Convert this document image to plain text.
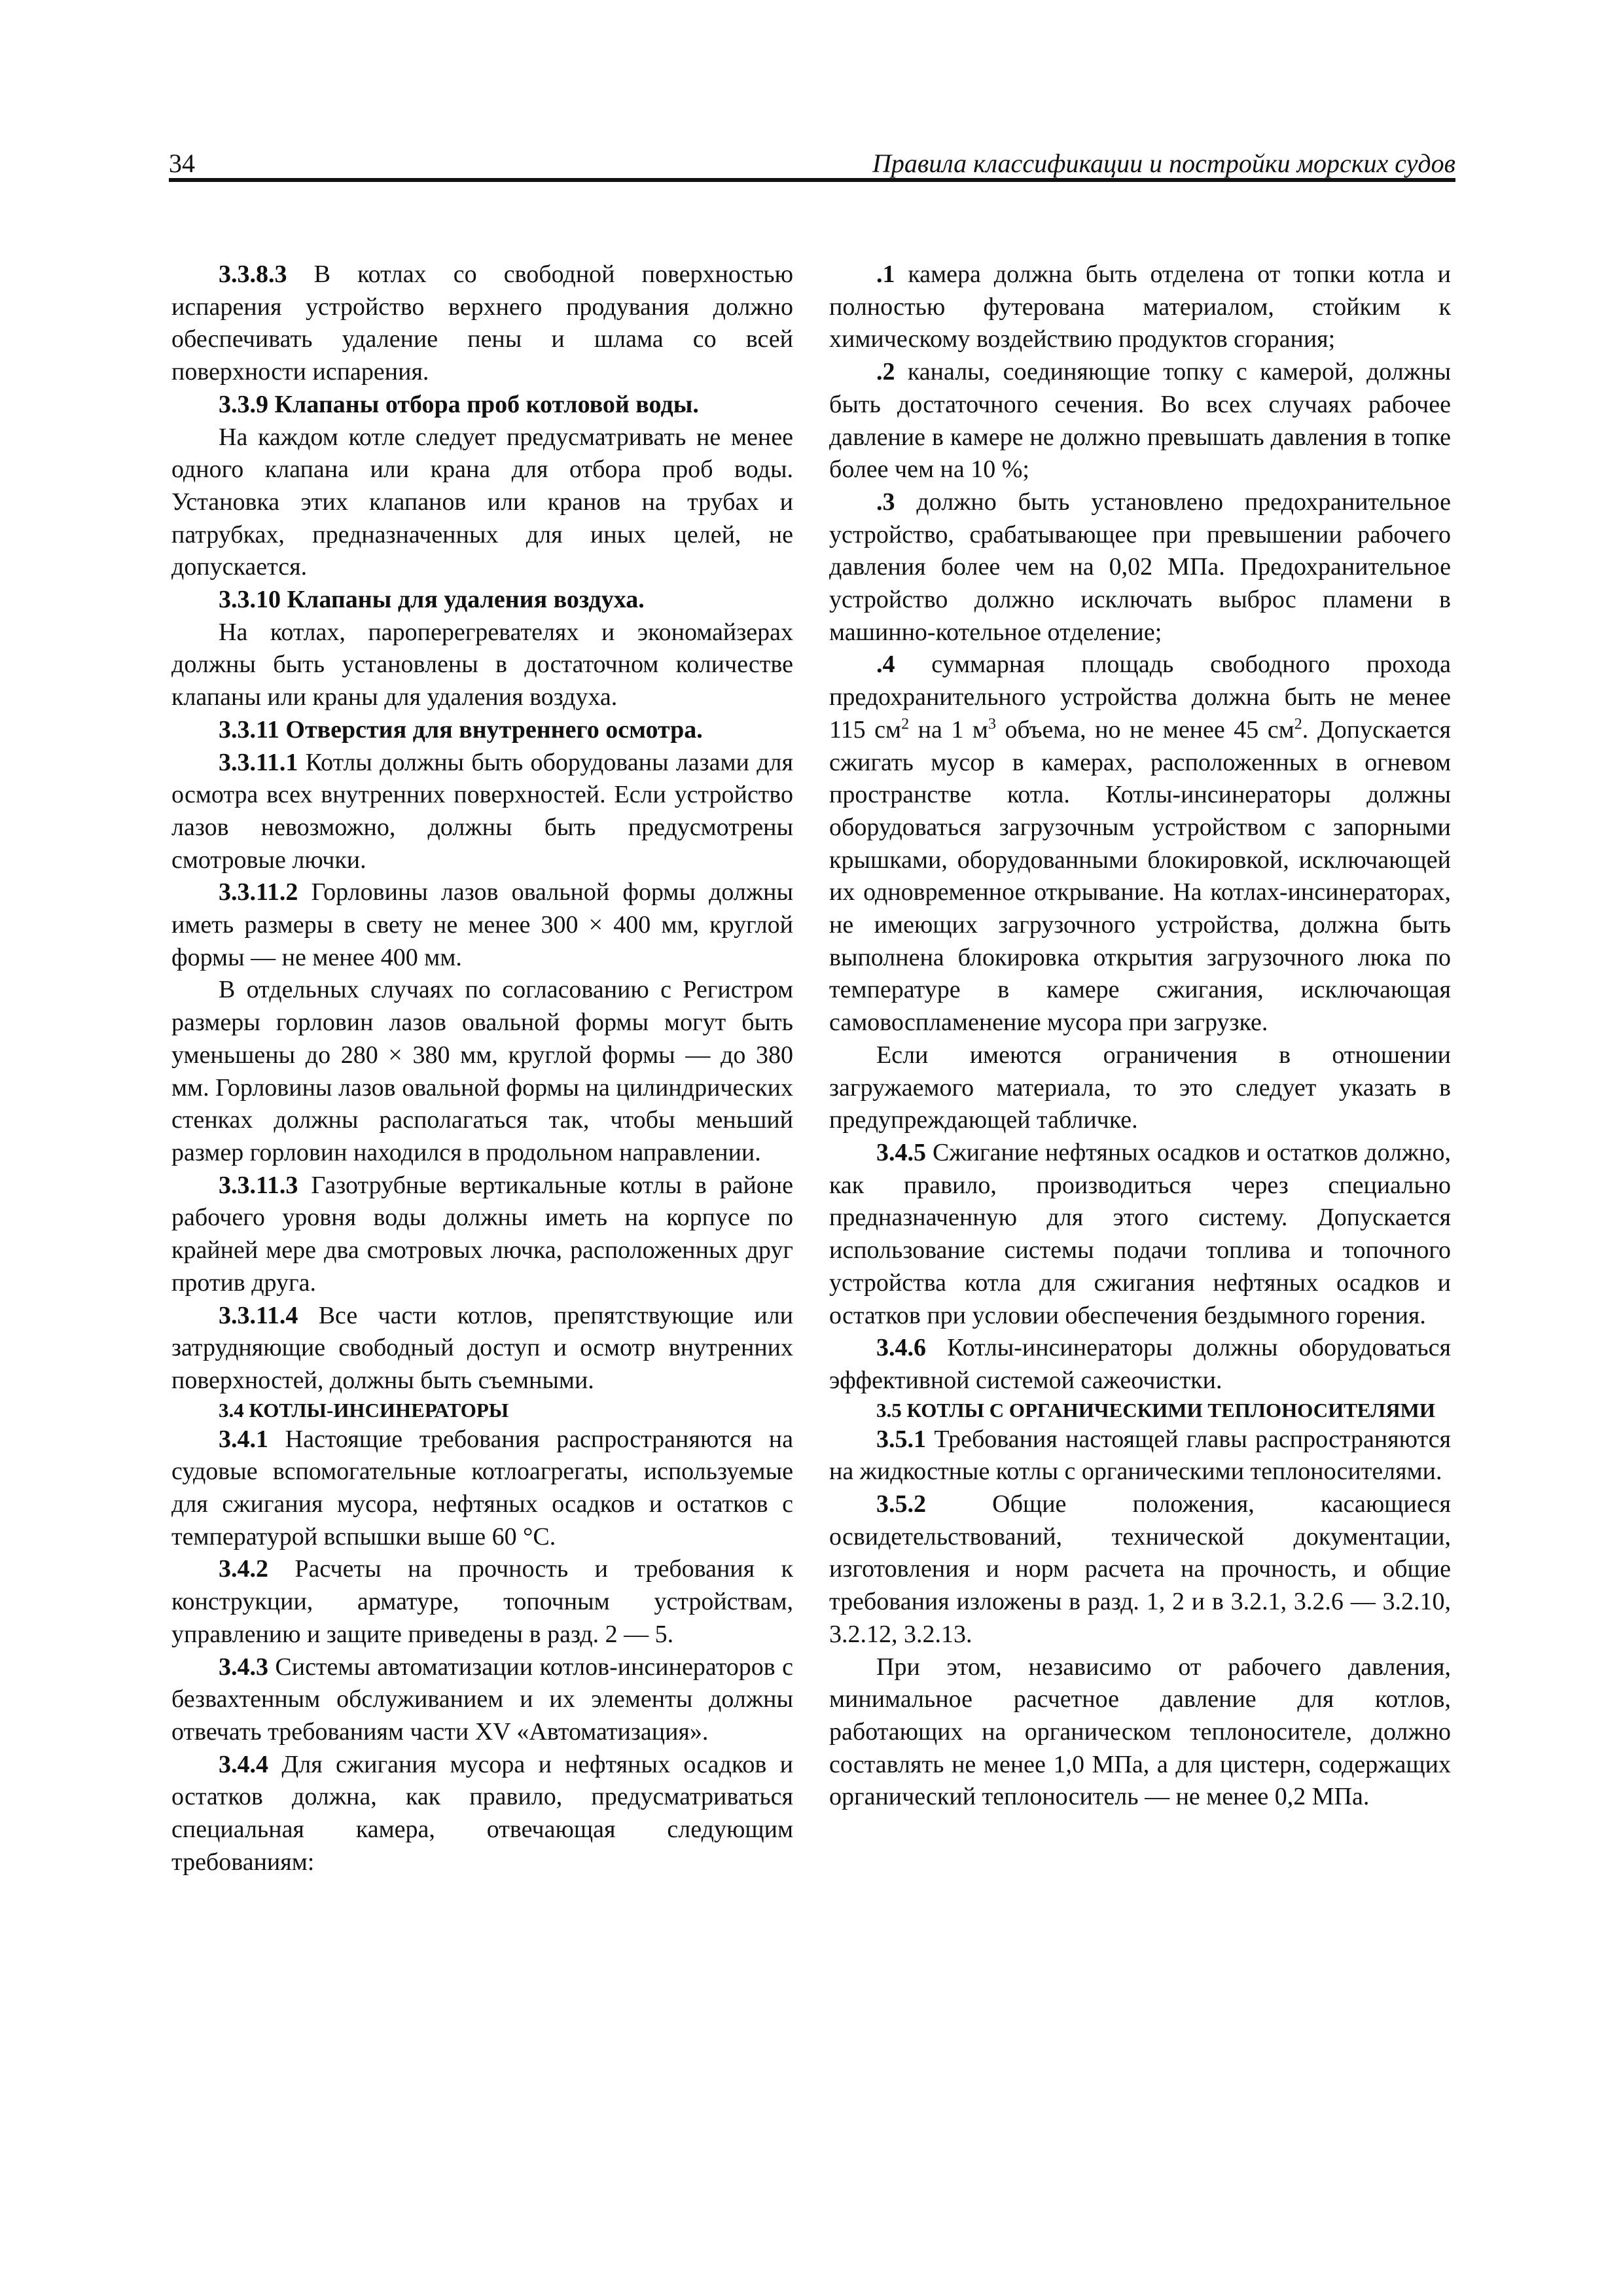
34	Правила классификации и постройки морских судов

3.3.8.3 В котлах со свободной поверхностью испарения устройство верхнего продувания должно обеспечивать удаление пены и шлама со всей поверхности испарения.

3.3.9 Клапаны отбора проб котловой воды.

На каждом котле следует предусматривать не менее одного клапана или крана для отбора проб воды. Установка этих клапанов или кранов на трубах и патрубках, предназначенных для иных целей, не допускается.

3.3.10 Клапаны для удаления воздуха.

На котлах, пароперегревателях и экономайзерах должны быть установлены в достаточном количестве клапаны или краны для удаления воздуха.

3.3.11 Отверстия для внутреннего осмотра.

3.3.11.1 Котлы должны быть оборудованы лазами для осмотра всех внутренних поверхностей. Если устройство лазов невозможно, должны быть предусмотрены смотровые лючки.

3.3.11.2 Горловины лазов овальной формы должны иметь размеры в свету не менее 300 × 400 мм, круглой формы — не менее 400 мм.

В отдельных случаях по согласованию с Регистром размеры горловин лазов овальной формы могут быть уменьшены до 280 × 380 мм, круглой формы — до 380 мм. Горловины лазов овальной формы на цилиндрических стенках должны располагаться так, чтобы меньший размер горловин находился в продольном направлении.

3.3.11.3 Газотрубные вертикальные котлы в районе рабочего уровня воды должны иметь на корпусе по крайней мере два смотровых лючка, расположенных друг против друга.

3.3.11.4 Все части котлов, препятствующие или затрудняющие свободный доступ и осмотр внутренних поверхностей, должны быть съемными.

3.4 КОТЛЫ-ИНСИНЕРАТОРЫ

3.4.1 Настоящие требования распространяются на судовые вспомогательные котлоагрегаты, используемые для сжигания мусора, нефтяных осадков и остатков с температурой вспышки выше 60 °С.

3.4.2 Расчеты на прочность и требования к конструкции, арматуре, топочным устройствам, управлению и защите приведены в разд. 2 — 5.

3.4.3 Системы автоматизации котлов-инсинераторов с безвахтенным обслуживанием и их элементы должны отвечать требованиям части XV «Автоматизация».

3.4.4 Для сжигания мусора и нефтяных осадков и остатков должна, как правило, предусматриваться специальная камера, отвечающая следующим требованиям:

.1 камера должна быть отделена от топки котла и полностью футерована материалом, стойким к химическому воздействию продуктов сгорания;

.2 каналы, соединяющие топку с камерой, должны быть достаточного сечения. Во всех случаях рабочее давление в камере не должно превышать давления в топке более чем на 10 %;

.3 должно быть установлено предохранительное устройство, срабатывающее при превышении рабочего давления более чем на 0,02 МПа. Предохранительное устройство должно исключать выброс пламени в машинно-котельное отделение;

.4 суммарная площадь свободного прохода предохранительного устройства должна быть не менее 115 $см^2$ на 1 $м^3$ объема, но не менее 45 $см^2$. Допускается сжигать мусор в камерах, расположенных в огневом пространстве котла. Котлы-инсинераторы должны оборудоваться загрузочным устройством с запорными крышками, оборудованными блокировкой, исключающей их одновременное открывание. На котлах-инсинераторах, не имеющих загрузочного устройства, должна быть выполнена блокировка открытия загрузочного люка по температуре в камере сжигания, исключающая самовоспламенение мусора при загрузке.

Если имеются ограничения в отношении загружаемого материала, то это следует указать в предупреждающей табличке.

3.4.5 Сжигание нефтяных осадков и остатков должно, как правило, производиться через специально предназначенную для этого систему. Допускается использование системы подачи топлива и топочного устройства котла для сжигания нефтяных осадков и остатков при условии обеспечения бездымного горения.

3.4.6 Котлы-инсинераторы должны оборудоваться эффективной системой сажеочистки.

3.5 КОТЛЫ С ОРГАНИЧЕСКИМИ ТЕПЛОНОСИТЕЛЯМИ

3.5.1 Требования настоящей главы распространяются на жидкостные котлы с органическими теплоносителями.

3.5.2 Общие положения, касающиеся освидетельствований, технической документации, изготовления и норм расчета на прочность, и общие требования изложены в разд. 1, 2 и в 3.2.1, 3.2.6 — 3.2.10, 3.2.12, 3.2.13.

При этом, независимо от рабочего давления, минимальное расчетное давление для котлов, работающих на органическом теплоносителе, должно составлять не менее 1,0 МПа, а для цистерн, содержащих органический теплоноситель — не менее 0,2 МПа.
